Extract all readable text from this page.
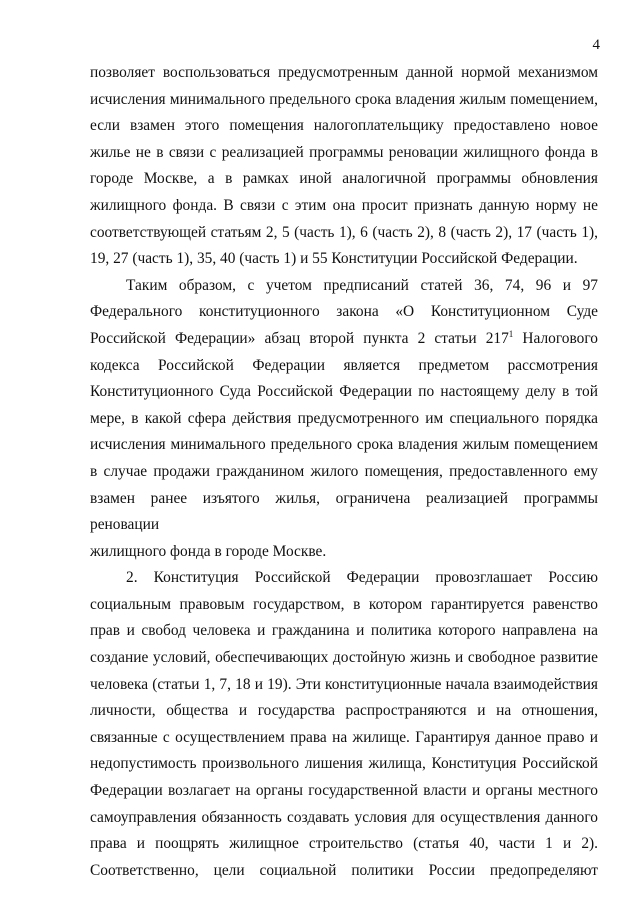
4

позволяет воспользоваться предусмотренным данной нормой механизмом

исчисления минимального предельного срока владения жилым помещением,

если взамен этого помещения налогоплательщику предоставлено новое

жилье не в связи с реализацией программы реновации жилищного фонда в

городе Москве, а в рамках иной аналогичной программы обновления

жилищного фонда. В связи с этим она просит признать данную норму не

соответствующей статьям 2, 5 (часть 1), 6 (часть 2), 8 (часть 2), 17 (часть 1),

19, 27 (часть 1), 35, 40 (часть 1) и 55 Конституции Российской Федерации.

Таким образом, с учетом предписаний статей 36, 74, 96 и 97

Федерального конституционного закона «О Конституционном Суде

Российской Федерации» абзац второй пункта 2 статьи $217^1$ Налогового

кодекса Российской Федерации является предметом рассмотрения

Конституционного Суда Российской Федерации по настоящему делу в той

мере, в какой сфера действия предусмотренного им специального порядка

исчисления минимального предельного срока владения жилым помещением

в случае продажи гражданином жилого помещения, предоставленного ему

взамен ранее изъятого жилья, ограничена реализацией программы реновации

жилищного фонда в городе Москве.

2. Конституция Российской Федерации провозглашает Россию

социальным правовым государством, в котором гарантируется равенство

прав и свобод человека и гражданина и политика которого направлена на

создание условий, обеспечивающих достойную жизнь и свободное развитие

человека (статьи 1, 7, 18 и 19). Эти конституционные начала взаимодействия

личности, общества и государства распространяются и на отношения,

связанные с осуществлением права на жилище. Гарантируя данное право и

недопустимость произвольного лишения жилища, Конституция Российской

Федерации возлагает на органы государственной власти и органы местного

самоуправления обязанность создавать условия для осуществления данного

права и поощрять жилищное строительство (статья 40, части 1 и 2).

Соответственно, цели социальной политики России предопределяют
